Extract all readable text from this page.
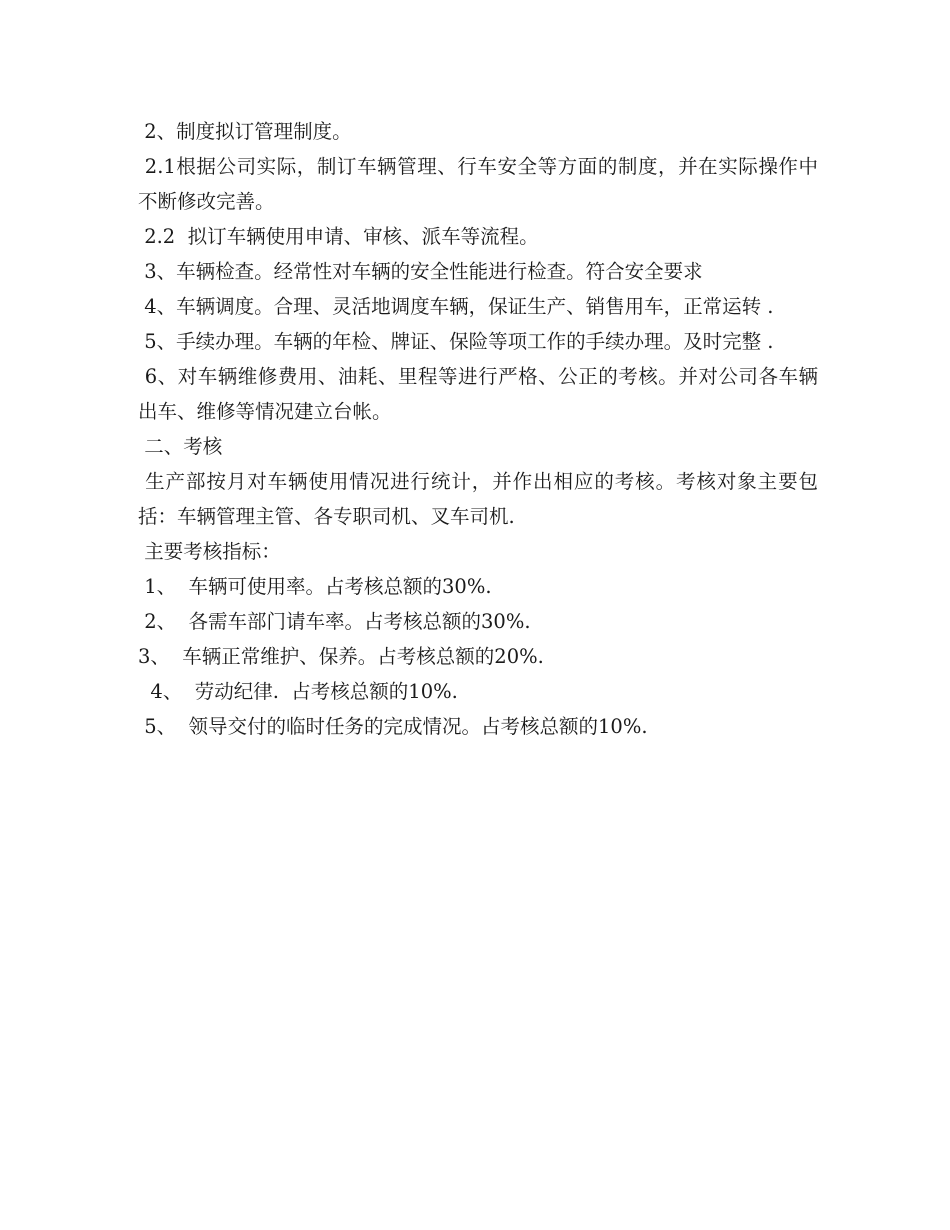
2、制度拟订管理制度。

2.1根据公司实际，制订车辆管理、行车安全等方面的制度，并在实际操作中不断修改完善。

2.2  拟订车辆使用申请、审核、派车等流程。

3、车辆检查。经常性对车辆的安全性能进行检查。符合安全要求

4、车辆调度。合理、灵活地调度车辆，保证生产、销售用车，正常运转 .

5、手续办理。车辆的年检、牌证、保险等项工作的手续办理。及时完整 .

6、对车辆维修费用、油耗、里程等进行严格、公正的考核。并对公司各车辆出车、维修等情况建立台帐。

二、考核

生产部按月对车辆使用情况进行统计，并作出相应的考核。考核对象主要包括：车辆管理主管、各专职司机、叉车司机.

主要考核指标：

1、  车辆可使用率。占考核总额的30%.

2、  各需车部门请车率。占考核总额的30%.

3、  车辆正常维护、保养。占考核总额的20%.

4、  劳动纪律.  占考核总额的10%.

5、  领导交付的临时任务的完成情况。占考核总额的10%.
